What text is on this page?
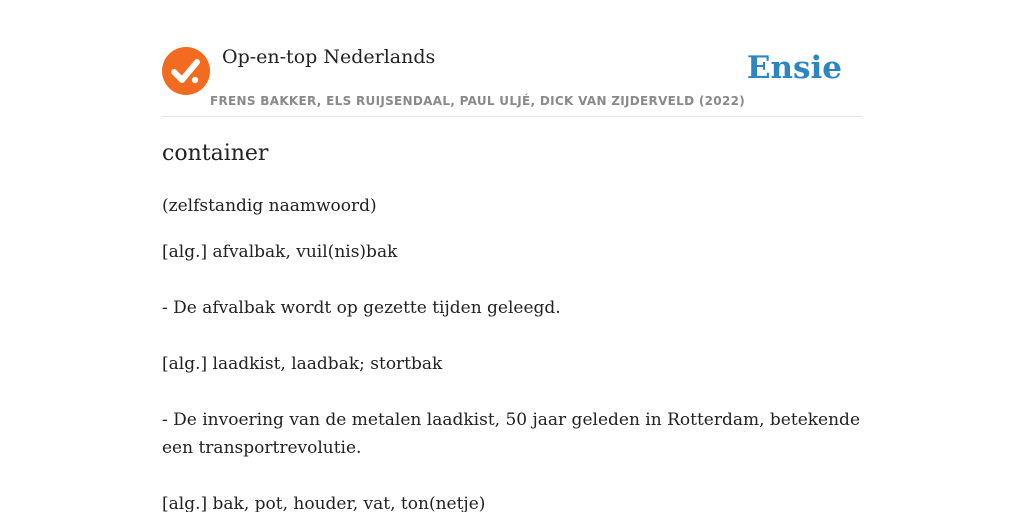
Op-en-top Nederlands
FRENS BAKKER, ELS RUIJSENDAAL, PAUL ULJÉ, DICK VAN ZIJDERVELD (2022)
Ensie
container
(zelfstandig naamwoord)
[alg.] afvalbak, vuil(nis)bak
- De afvalbak wordt op gezette tijden geleegd.
[alg.] laadkist, laadbak; stortbak
- De invoering van de metalen laadkist, 50 jaar geleden in Rotterdam, betekende een transportrevolutie.
[alg.] bak, pot, houder, vat, ton(netje)
